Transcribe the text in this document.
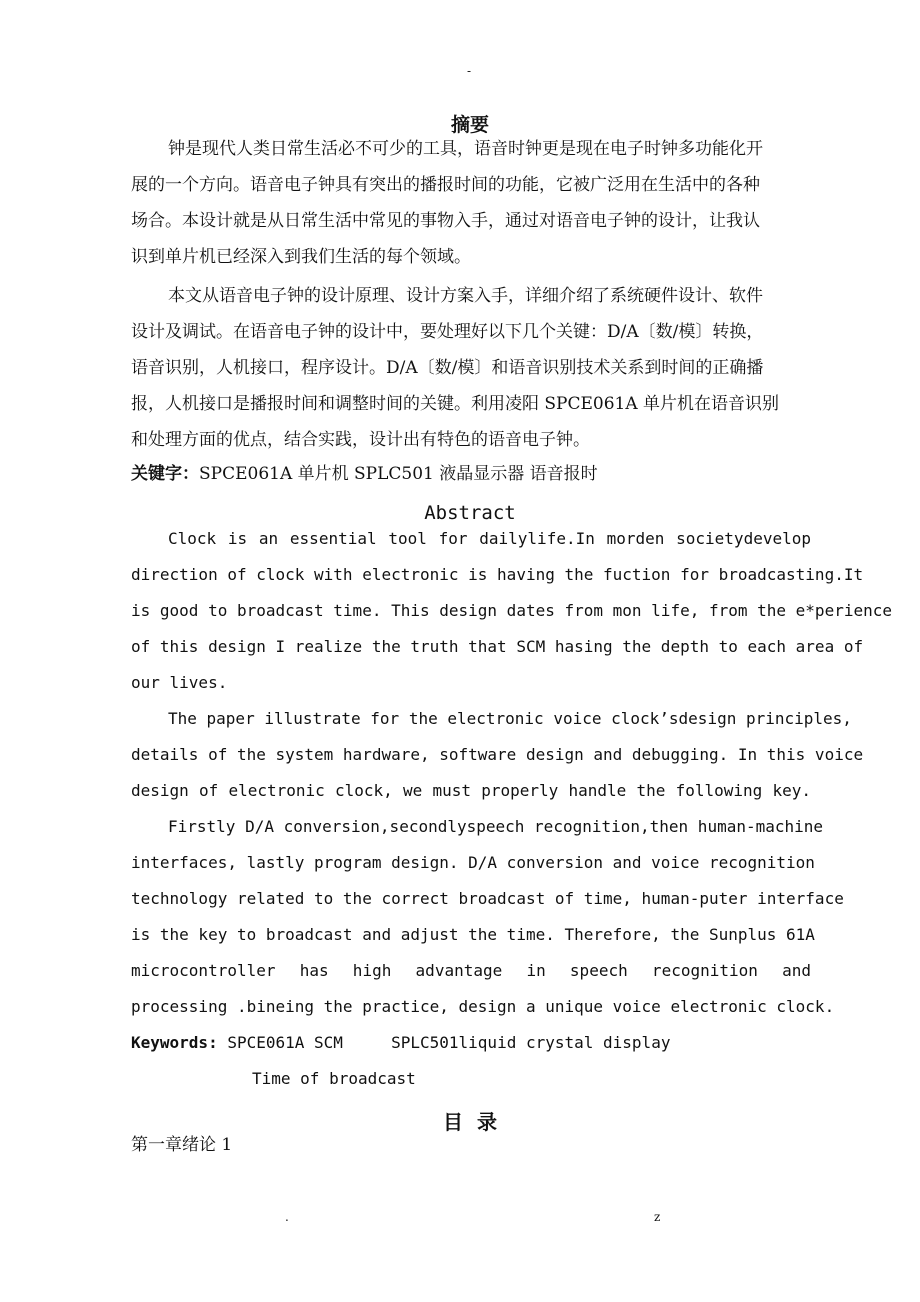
-
摘要
钟是现代人类日常生活必不可少的工具，语音时钟更是现在电子时钟多功能化开
展的一个方向。语音电子钟具有突出的播报时间的功能，它被广泛用在生活中的各种
场合。本设计就是从日常生活中常见的事物入手，通过对语音电子钟的设计，让我认
识到单片机已经深入到我们生活的每个领域。
本文从语音电子钟的设计原理、设计方案入手，详细介绍了系统硬件设计、软件
设计及调试。在语音电子钟的设计中，要处理好以下几个关键：D/A〔数/模〕转换，
语音识别，人机接口，程序设计。D/A〔数/模〕和语音识别技术关系到时间的正确播
报，人机接口是播报时间和调整时间的关键。利用凌阳 SPCE061A 单片机在语音识别
和处理方面的优点，结合实践，设计出有特色的语音电子钟。
关键字：SPCE061A 单片机 SPLC501 液晶显示器 语音报时
Abstract
Clock is an essential tool for dailylife.In morden societydevelop
direction of clock with electronic is having the fuction for broadcasting.It
is good to broadcast time. This design dates from mon life, from the e*perience
of this design I realize the truth that SCM hasing the depth to each area of
our lives.
The paper illustrate for the electronic voice clock’sdesign principles,
details of the system hardware, software design and debugging. In this voice
design of electronic clock, we must properly handle the following key.
Firstly D/A conversion,secondlyspeech recognition,then human-machine
interfaces, lastly program design. D/A conversion and voice recognition
technology related to the correct broadcast of time, human-puter interface
is the key to broadcast and adjust the time. Therefore, the Sunplus 61A
microcontroller has high advantage in speech recognition and
processing .bineing the practice, design a unique voice electronic clock.
Keywords: SPCE061A SCM     SPLC501liquid crystal display
Time of broadcast
目  录
第一章绪论 1
.	z
